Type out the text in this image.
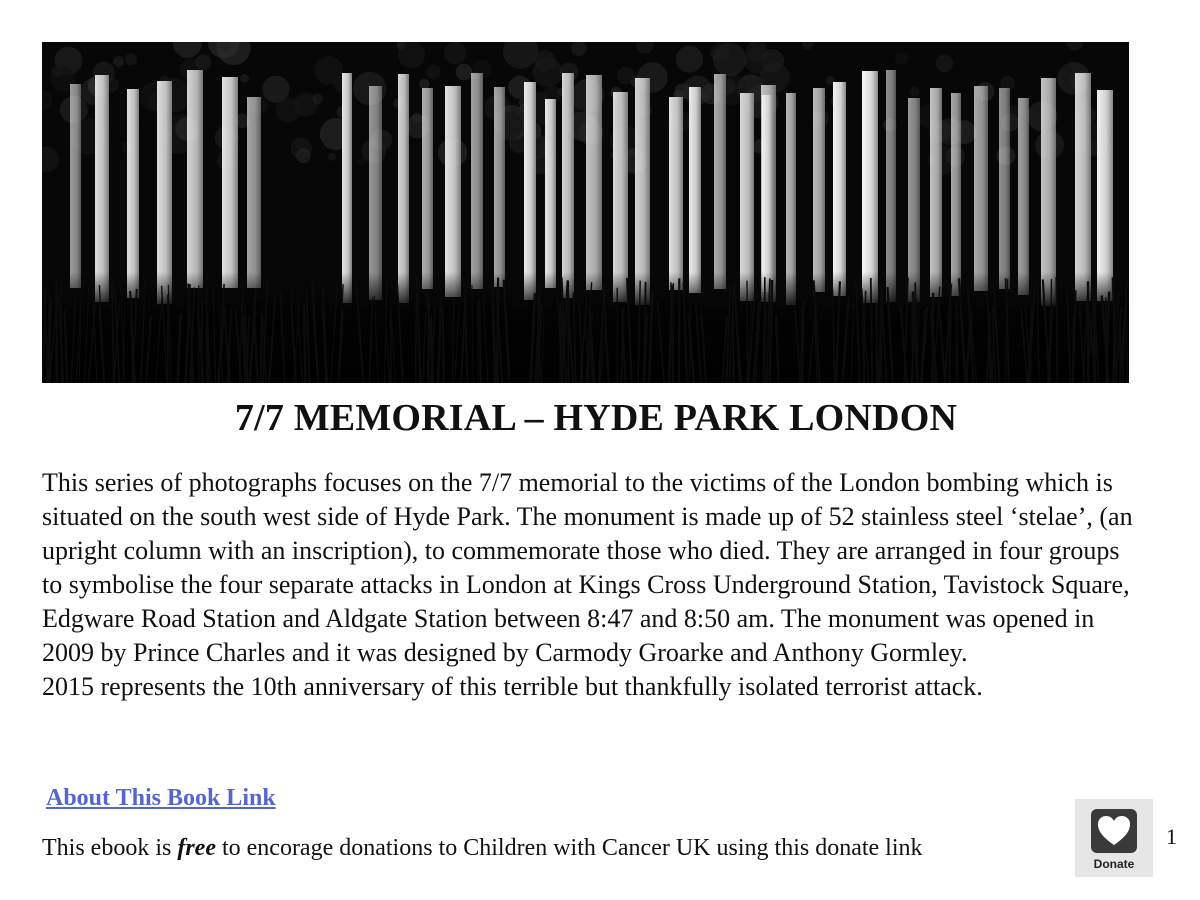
7/7 MEMORIAL – HYDE PARK LONDON

This series of photographs focuses on the 7/7 memorial to the victims of the London bombing which is situated on the south west side of Hyde Park. The monument is made up of 52 stainless steel ‘stelae’, (an upright column with an inscription), to commemorate those who died. They are arranged in four groups to symbolise the four separate attacks in London at Kings Cross Underground Station, Tavistock Square, Edgware Road Station and Aldgate Station between 8:47 and 8:50 am. The monument was opened in 2009 by Prince Charles and it was designed by Carmody Groarke and Anthony Gormley.

2015 represents the 10th anniversary of this terrible but thankfully isolated terrorist attack.

About This Book Link
This ebook is free to encorage donations to Children with Cancer UK using this donate link
Donate
1
